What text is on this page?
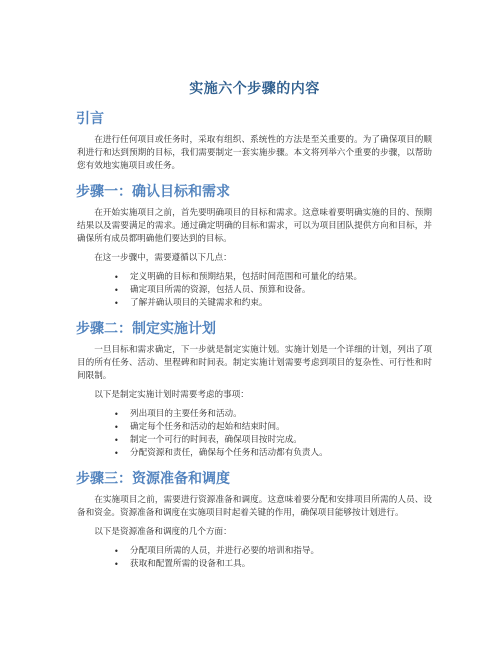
实施六个步骤的内容
引言

在进行任何项目或任务时，采取有组织、系统性的方法是至关重要的。为了确保项目的顺利进行和达到预期的目标，我们需要制定一套实施步骤。本文将列举六个重要的步骤，以帮助您有效地实施项目或任务。

步骤一：确认目标和需求

在开始实施项目之前，首先要明确项目的目标和需求。这意味着要明确实施的目的、预期结果以及需要满足的需求。通过确定明确的目标和需求，可以为项目团队提供方向和目标，并确保所有成员都明确他们要达到的目标。

在这一步骤中，需要遵循以下几点：

• 定义明确的目标和预期结果，包括时间范围和可量化的结果。
• 确定项目所需的资源，包括人员、预算和设备。
• 了解并确认项目的关键需求和约束。
步骤二：制定实施计划

一旦目标和需求确定，下一步就是制定实施计划。实施计划是一个详细的计划，列出了项目的所有任务、活动、里程碑和时间表。制定实施计划需要考虑到项目的复杂性、可行性和时间限制。

以下是制定实施计划时需要考虑的事项：

• 列出项目的主要任务和活动。
• 确定每个任务和活动的起始和结束时间。
• 制定一个可行的时间表，确保项目按时完成。
• 分配资源和责任，确保每个任务和活动都有负责人。
步骤三：资源准备和调度

在实施项目之前，需要进行资源准备和调度。这意味着要分配和安排项目所需的人员、设备和资金。资源准备和调度在实施项目时起着关键的作用，确保项目能够按计划进行。

以下是资源准备和调度的几个方面：

• 分配项目所需的人员，并进行必要的培训和指导。
• 获取和配置所需的设备和工具。
